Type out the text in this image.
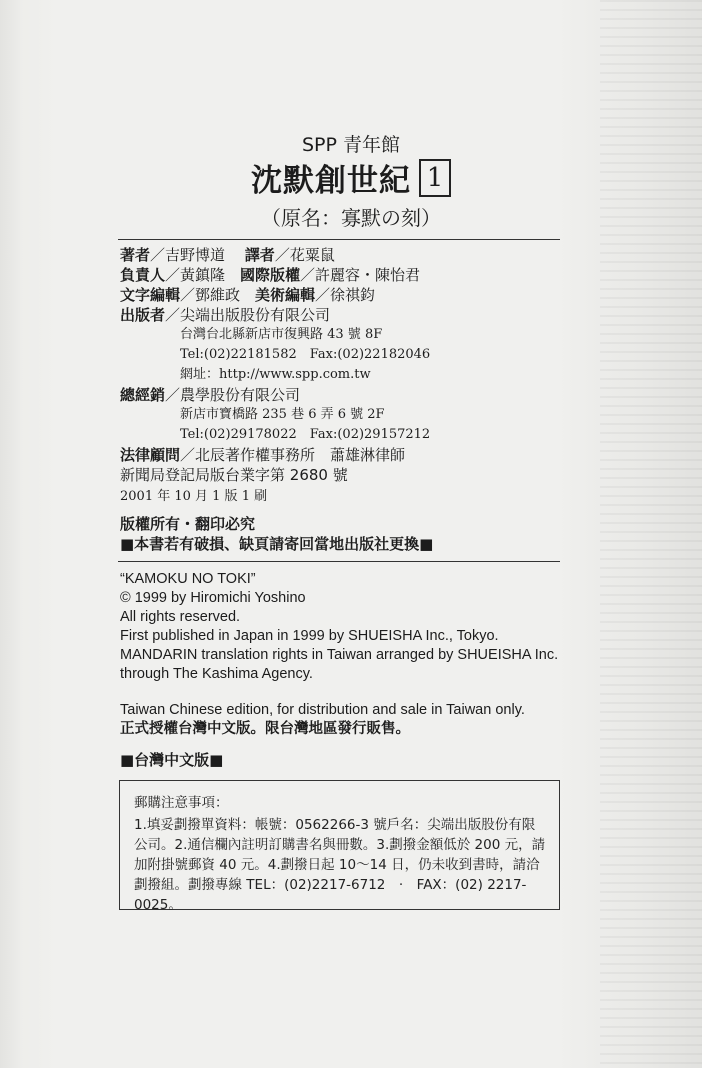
SPP 青年館
沈默創世紀 1
（原名：寡默の刻）
著者／吉野博道　 譯者／花粟鼠
負責人／黃鎮隆　國際版權／許麗容・陳怡君
文字編輯／鄧維政　美術編輯／徐祺鈞
出版者／尖端出版股份有限公司
台灣台北縣新店市復興路 43 號 8F
Tel:(02)22181582　Fax:(02)22182046
網址：http://www.spp.com.tw
總經銷／農學股份有限公司
新店市寶橋路 235 巷 6 弄 6 號 2F
Tel:(02)29178022　Fax:(02)29157212
法律顧問／北辰著作權事務所　蕭雄淋律師
新聞局登記局版台業字第 2680 號
2001 年 10 月 1 版 1 刷
版權所有・翻印必究
■本書若有破損、缺頁請寄回當地出版社更換■
“KAMOKU NO TOKI”
© 1999 by Hiromichi Yoshino
All rights reserved.
First published in Japan in 1999 by SHUEISHA Inc., Tokyo.
MANDARIN translation rights in Taiwan arranged by SHUEISHA Inc.
through The Kashima Agency.
Taiwan Chinese edition, for distribution and sale in Taiwan only.
正式授權台灣中文版。限台灣地區發行販售。
■台灣中文版■
郵購注意事項：
1.填妥劃撥單資料：帳號：0562266-3 號戶名：尖端出版股份有限公司。2.通信欄內註明訂購書名與冊數。3.劃撥金額低於 200 元，請加附掛號郵資 40 元。4.劃撥日起 10～14 日，仍未收到書時，請洽劃撥組。劃撥專線 TEL：(02)2217-6712　·　FAX：(02) 2217-0025。
